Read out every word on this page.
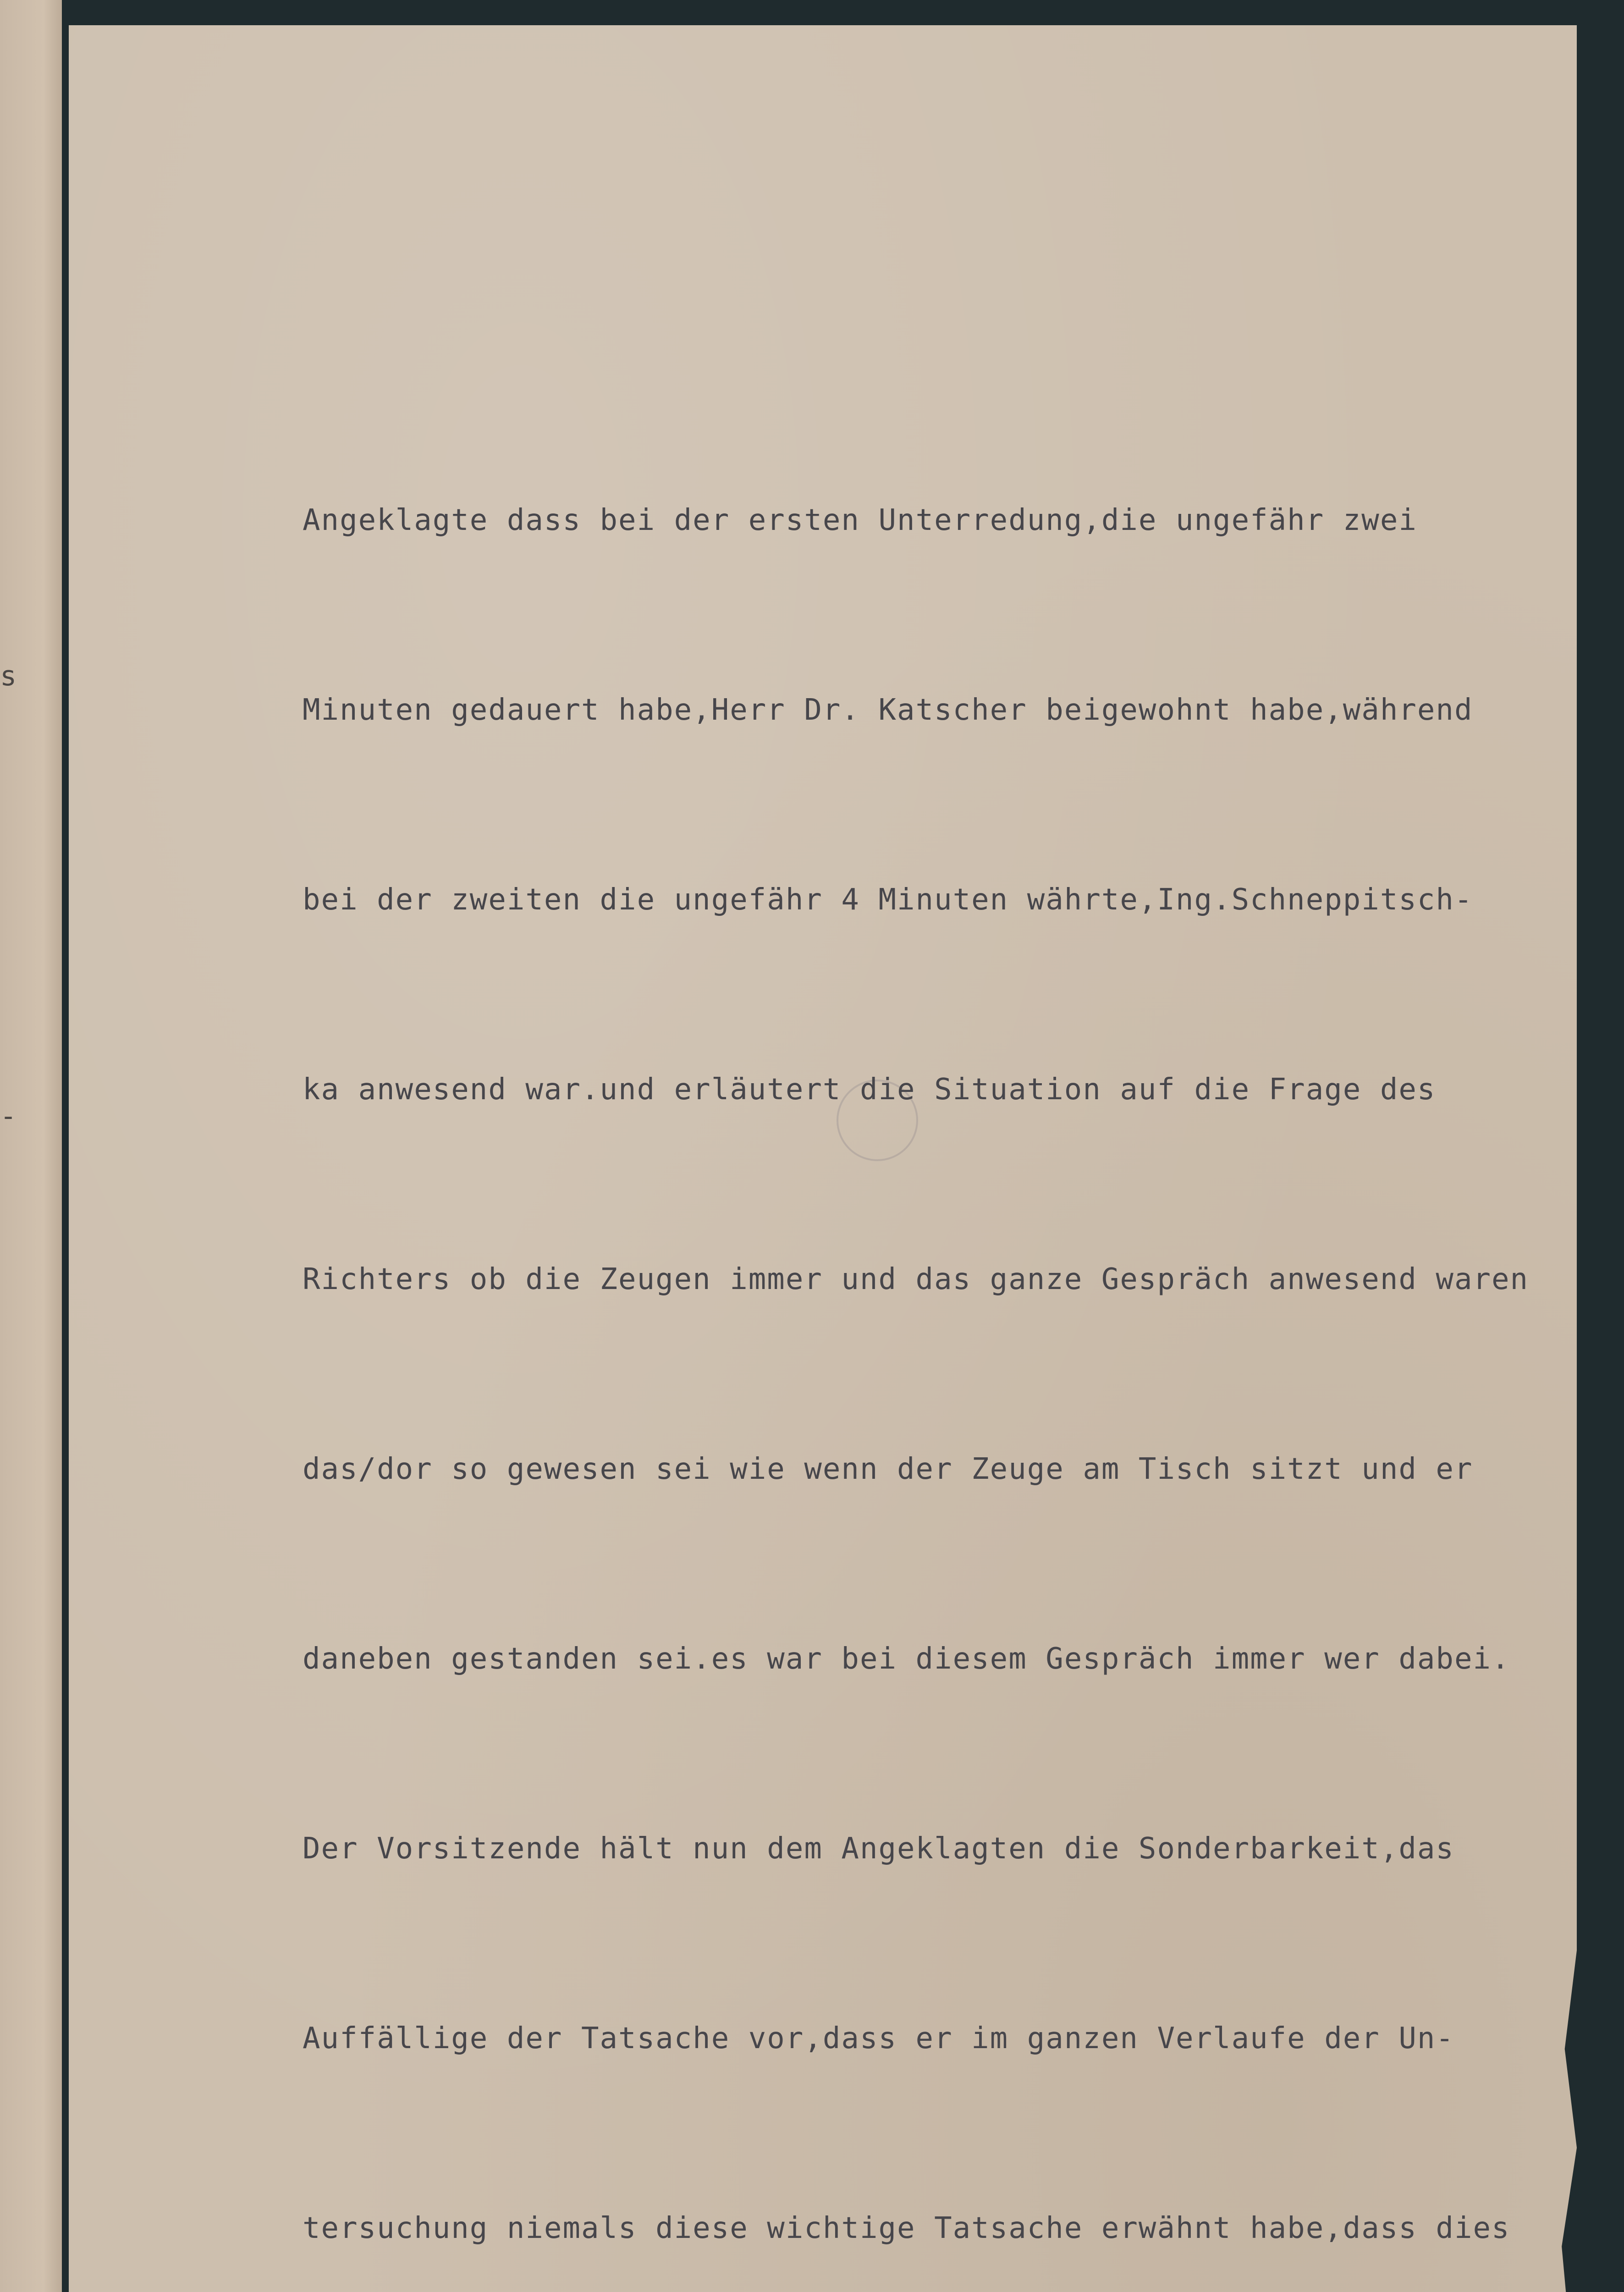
s
-

Angeklagte dass bei der ersten Unterredung,die ungefähr zwei

Minuten gedauert habe,Herr Dr. Katscher beigewohnt habe,während

bei der zweiten die ungefähr 4 Minuten währte,Ing.Schneppitsch-

ka anwesend war.und erläutert die Situation auf die Frage des

Richters ob die Zeugen immer und das ganze Gespräch anwesend waren

das/dor so gewesen sei wie wenn der Zeuge am Tisch sitzt und er

daneben gestanden sei.es war bei diesem Gespräch immer wer dabei.

Der Vorsitzende hält nun dem Angeklagten die Sonderbarkeit,das

Auffällige der Tatsache vor,dass er im ganzen Verlaufe der Un-

tersuchung niemals diese wichtige Tatsache erwähnt habe,dass dies
